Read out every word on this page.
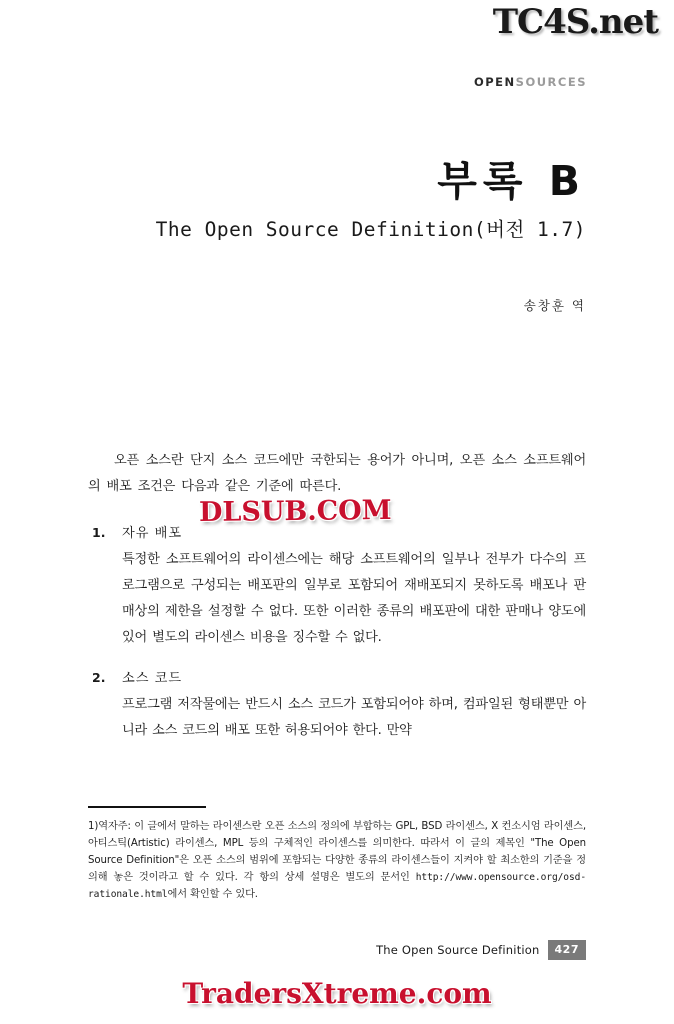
OPENSOURCES
부록 B
The Open Source Definition(버전 1.7)
송창훈 역

오픈 소스란 단지 소스 코드에만 국한되는 용어가 아니며, 오픈 소스 소프트웨어의 배포 조건은 다음과 같은 기준에 따른다.

1.	자유 배포

특정한 소프트웨어의 라이센스에는 해당 소프트웨어의 일부나 전부가 다수의 프로그램으로 구성되는 배포판의 일부로 포함되어 재배포되지 못하도록 배포나 판매상의 제한을 설정할 수 없다. 또한 이러한 종류의 배포판에 대한 판매나 양도에 있어 별도의 라이센스 비용을 징수할 수 없다.

2.	소스 코드

프로그램 저작물에는 반드시 소스 코드가 포함되어야 하며, 컴파일된 형태뿐만 아니라 소스 코드의 배포 또한 허용되어야 한다. 만약

1)역자주: 이 글에서 말하는 라이센스란 오픈 소스의 정의에 부합하는 GPL, BSD 라이센스, X 컨소시엄 라이센스, 아티스틱(Artistic) 라이센스, MPL 등의 구체적인 라이센스를 의미한다. 따라서 이 글의 제목인 "The Open Source Definition"은 오픈 소스의 범위에 포함되는 다양한 종류의 라이센스들이 지켜야 할 최소한의 기준을 정의해 놓은 것이라고 할 수 있다. 각 항의 상세 설명은 별도의 문서인 http://www.opensource.org/osd-rationale.html에서 확인할 수 있다.
The Open Source Definition	427
TC4S.net
DLSUB.COM
TradersXtreme.com
